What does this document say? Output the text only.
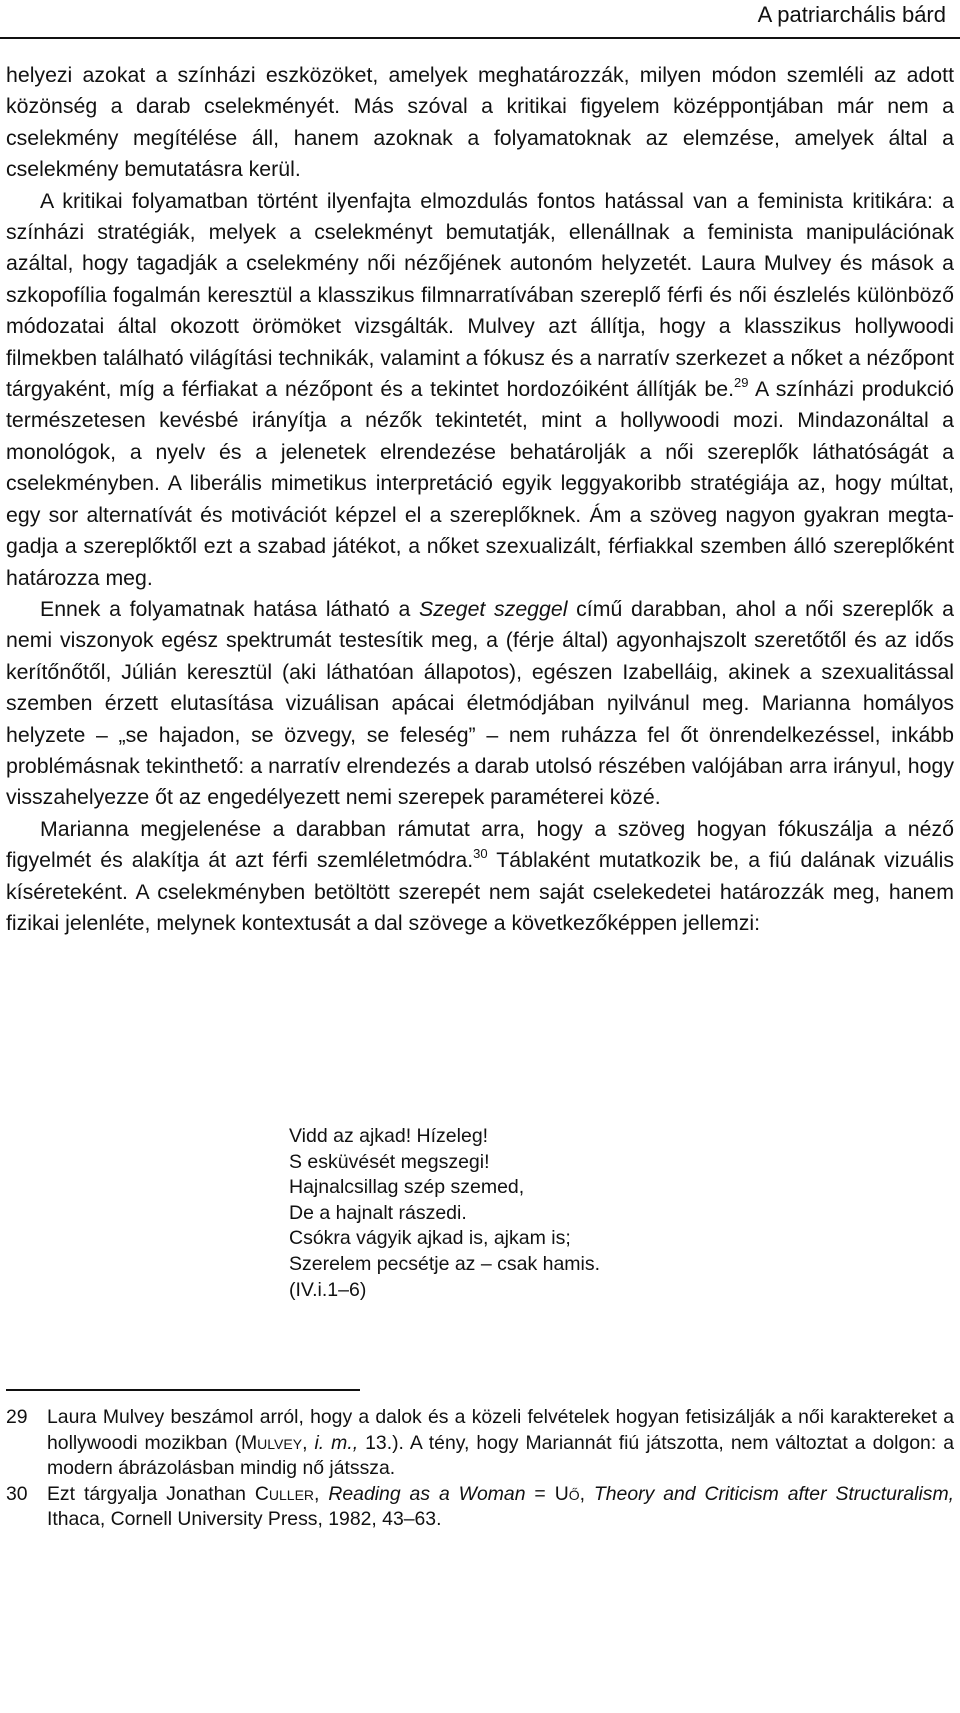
A patriarchális bárd

helyezi azokat a színházi eszközöket, amelyek meghatározzák, milyen módon szemléli az adott közönség a darab cselekményét. Más szóval a kritikai figyelem középpontjában már nem a cselekmény megítélése áll, hanem azoknak a folyamatoknak az elemzése, amelyek által a cselekmény bemutatásra kerül.

A kritikai folyamatban történt ilyenfajta elmozdulás fontos hatással van a feminista kritikára: a színházi stratégiák, melyek a cselekményt bemutatják, ellenállnak a feminista manipulációnak azáltal, hogy tagadják a cselekmény női nézőjének autonóm helyzetét. Laura Mulvey és mások a szkopofília fogalmán keresztül a klasszikus filmnarratívában szereplő férfi és női észlelés különböző módozatai által okozott örömöket vizsgálták. Mulvey azt állítja, hogy a klasszikus hollywoodi filmekben található világítási technikák, valamint a fókusz és a narratív szerkezet a nőket a nézőpont tárgyaként, míg a férfiakat a nézőpont és a tekintet hordozóiként állítják be.$^{29}$ A színházi produkció természetesen kevésbé irányítja a nézők tekintetét, mint a hollywoodi mozi. Mindazonáltal a monológok, a nyelv és a jelenetek elrendezése behatárolják a női szereplők láthatóságát a cselekményben. A liberális mimetikus interpretáció egyik leggyakoribb stratégiája az, hogy múltat, egy sor alternatívát és motivációt képzel el a szereplőknek. Ám a szöveg nagyon gyakran megtagadja a szereplőktől ezt a szabad játékot, a nőket szexualizált, férfiakkal szemben álló szereplőként határozza meg.

Ennek a folyamatnak hatása látható a Szeget szeggel című darabban, ahol a női szereplők a nemi viszonyok egész spektrumát testesítik meg, a (férje által) agyonhajszolt szeretőtől és az idős kerítőnőtől, Júlián keresztül (aki láthatóan állapotos), egészen Izabelláig, akinek a szexualitással szemben érzett elutasítása vizuálisan apácai életmódjában nyilvánul meg. Marianna homályos helyzete – „se hajadon, se özvegy, se feleség” – nem ruházza fel őt önrendelkezéssel, inkább problémásnak tekinthető: a narratív elrendezés a darab utolsó részében valójában arra irányul, hogy visszahelyezze őt az engedélyezett nemi szerepek paraméterei közé.

Marianna megjelenése a darabban rámutat arra, hogy a szöveg hogyan fókuszálja a néző figyelmét és alakítja át azt férfi szemléletmódra.$^{30}$ Táblaként mutatkozik be, a fiú dalának vizuális kíséreteként. A cselekményben betöltött szerepét nem saját cselekedetei határozzák meg, hanem fizikai jelenléte, melynek kontextusát a dal szövege a következőképpen jellemzi:

Vidd az ajkad! Hízeleg!
S esküvését megszegi!
Hajnalcsillag szép szemed,
De a hajnalt rászedi.
Csókra vágyik ajkad is, ajkam is;
Szerelem pecsétje az – csak hamis.
(IV.i.1–6)
29 Laura Mulvey beszámol arról, hogy a dalok és a közeli felvételek hogyan fetisizálják a női karaktereket a hollywoodi mozikban (Mulvey, i. m., 13.). A tény, hogy Mariannát fiú játszotta, nem változtat a dolgon: a modern ábrázolásban mindig nő játssza.
30 Ezt tárgyalja Jonathan Culler, Reading as a Woman = Uő, Theory and Criticism after Structuralism, Ithaca, Cornell University Press, 1982, 43–63.
